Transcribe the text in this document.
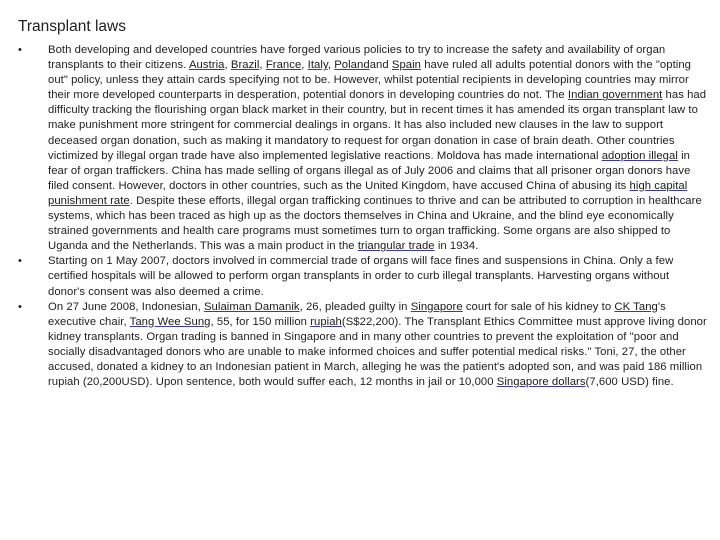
Transplant laws
• Both developing and developed countries have forged various policies to try to increase the safety and availability of organ transplants to their citizens. Austria, Brazil, France, Italy, Polandand Spain have ruled all adults potential donors with the "opting out" policy, unless they attain cards specifying not to be. However, whilst potential recipients in developing countries may mirror their more developed counterparts in desperation, potential donors in developing countries do not. The Indian government has had difficulty tracking the flourishing organ black market in their country, but in recent times it has amended its organ transplant law to make punishment more stringent for commercial dealings in organs. It has also included new clauses in the law to support deceased organ donation, such as making it mandatory to request for organ donation in case of brain death. Other countries victimized by illegal organ trade have also implemented legislative reactions. Moldova has made international adoption illegal in fear of organ traffickers. China has made selling of organs illegal as of July 2006 and claims that all prisoner organ donors have filed consent. However, doctors in other countries, such as the United Kingdom, have accused China of abusing its high capital punishment rate. Despite these efforts, illegal organ trafficking continues to thrive and can be attributed to corruption in healthcare systems, which has been traced as high up as the doctors themselves in China and Ukraine, and the blind eye economically strained governments and health care programs must sometimes turn to organ trafficking. Some organs are also shipped to Uganda and the Netherlands. This was a main product in the triangular trade in 1934.
• Starting on 1 May 2007, doctors involved in commercial trade of organs will face fines and suspensions in China. Only a few certified hospitals will be allowed to perform organ transplants in order to curb illegal transplants. Harvesting organs without donor's consent was also deemed a crime.
• On 27 June 2008, Indonesian, Sulaiman Damanik, 26, pleaded guilty in Singapore court for sale of his kidney to CK Tang's executive chair, Tang Wee Sung, 55, for 150 million rupiah(S$22,200). The Transplant Ethics Committee must approve living donor kidney transplants. Organ trading is banned in Singapore and in many other countries to prevent the exploitation of "poor and socially disadvantaged donors who are unable to make informed choices and suffer potential medical risks." Toni, 27, the other accused, donated a kidney to an Indonesian patient in March, alleging he was the patient's adopted son, and was paid 186 million rupiah (20,200USD). Upon sentence, both would suffer each, 12 months in jail or 10,000 Singapore dollars(7,600 USD) fine.
